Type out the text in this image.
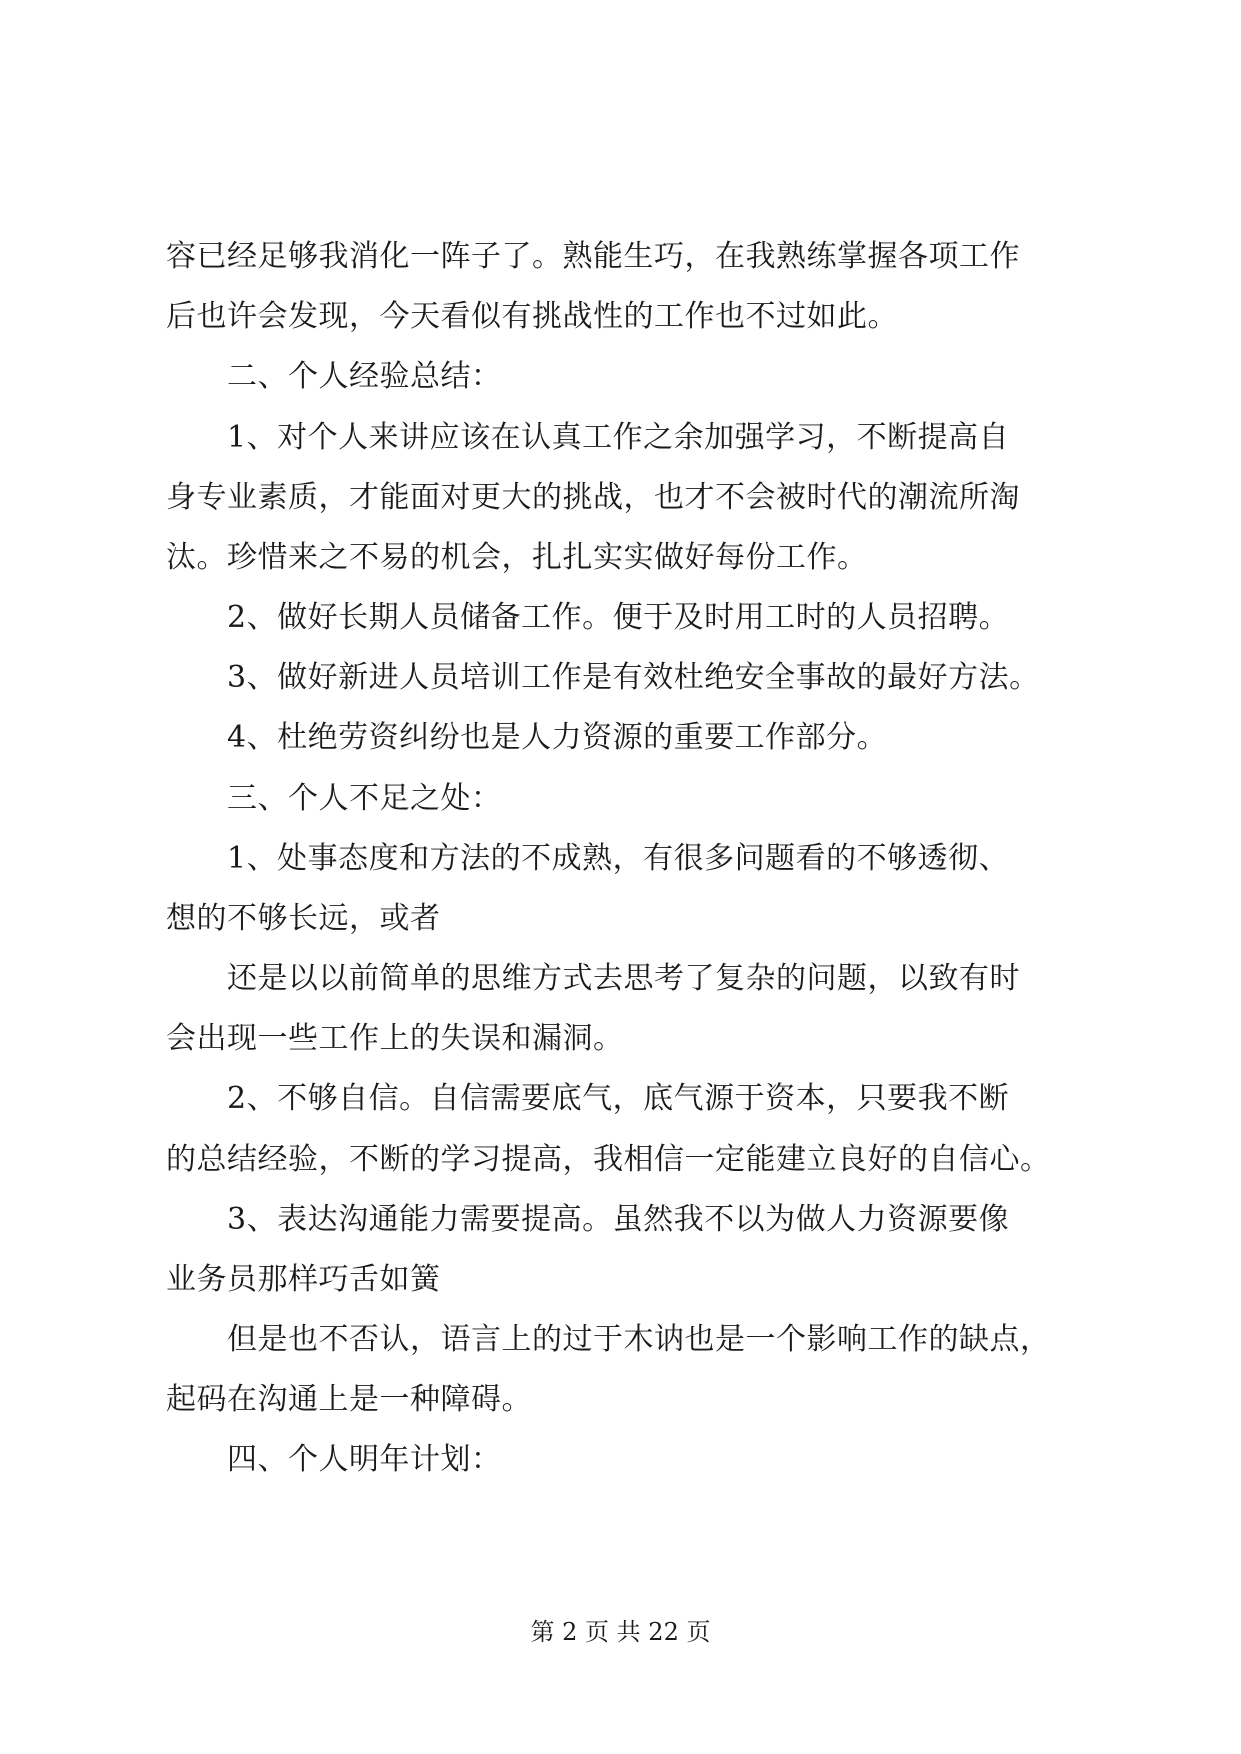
容已经足够我消化一阵子了。熟能生巧，在我熟练掌握各项工作
后也许会发现，今天看似有挑战性的工作也不过如此。
二、个人经验总结：
1、对个人来讲应该在认真工作之余加强学习，不断提高自
身专业素质，才能面对更大的挑战，也才不会被时代的潮流所淘
汰。珍惜来之不易的机会，扎扎实实做好每份工作。
2、做好长期人员储备工作。便于及时用工时的人员招聘。
3、做好新进人员培训工作是有效杜绝安全事故的最好方法。
4、杜绝劳资纠纷也是人力资源的重要工作部分。
三、个人不足之处：
1、处事态度和方法的不成熟，有很多问题看的不够透彻、
想的不够长远，或者
还是以以前简单的思维方式去思考了复杂的问题，以致有时
会出现一些工作上的失误和漏洞。
2、不够自信。自信需要底气，底气源于资本，只要我不断
的总结经验，不断的学习提高，我相信一定能建立良好的自信心。
3、表达沟通能力需要提高。虽然我不以为做人力资源要像
业务员那样巧舌如簧
但是也不否认，语言上的过于木讷也是一个影响工作的缺点，
起码在沟通上是一种障碍。
四、个人明年计划：
第 2 页 共 22 页
